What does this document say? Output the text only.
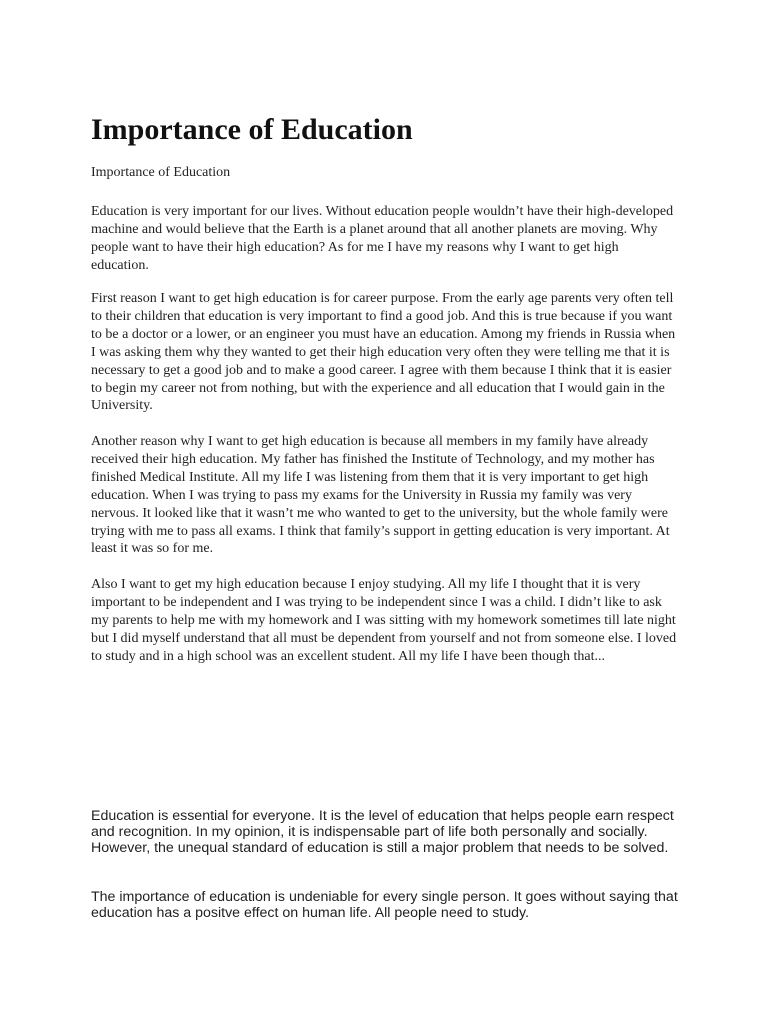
Importance of Education

Importance of Education

Education is very important for our lives. Without education people wouldn’t have their high-developed machine and would believe that the Earth is a planet around that all another planets are moving. Why people want to have their high education? As for me I have my reasons why I want to get high education.

First reason I want to get high education is for career purpose. From the early age parents very often tell to their children that education is very important to find a good job. And this is true because if you want to be a doctor or a lower, or an engineer you must have an education. Among my friends in Russia when I was asking them why they wanted to get their high education very often they were telling me that it is necessary to get a good job and to make a good career. I agree with them because I think that it is easier to begin my career not from nothing, but with the experience and all education that I would gain in the University.

Another reason why I want to get high education is because all members in my family have already received their high education. My father has finished the Institute of Technology, and my mother has finished Medical Institute. All my life I was listening from them that it is very important to get high education. When I was trying to pass my exams for the University in Russia my family was very nervous. It looked like that it wasn’t me who wanted to get to the university, but the whole family were trying with me to pass all exams. I think that family’s support in getting education is very important. At least it was so for me.

Also I want to get my high education because I enjoy studying. All my life I thought that it is very important to be independent and I was trying to be independent since I was a child. I didn’t like to ask my parents to help me with my homework and I was sitting with my homework sometimes till late night but I did myself understand that all must be dependent from yourself and not from someone else. I loved to study and in a high school was an excellent student. All my life I have been though that...

Education is essential for everyone. It is the level of education that helps people earn respect and recognition. In my opinion, it is indispensable part of life both personally and socially. However, the unequal standard of education is still a major problem that needs to be solved.

The importance of education is undeniable for every single person. It goes without saying that education has a positve effect on human life. All people need to study.
